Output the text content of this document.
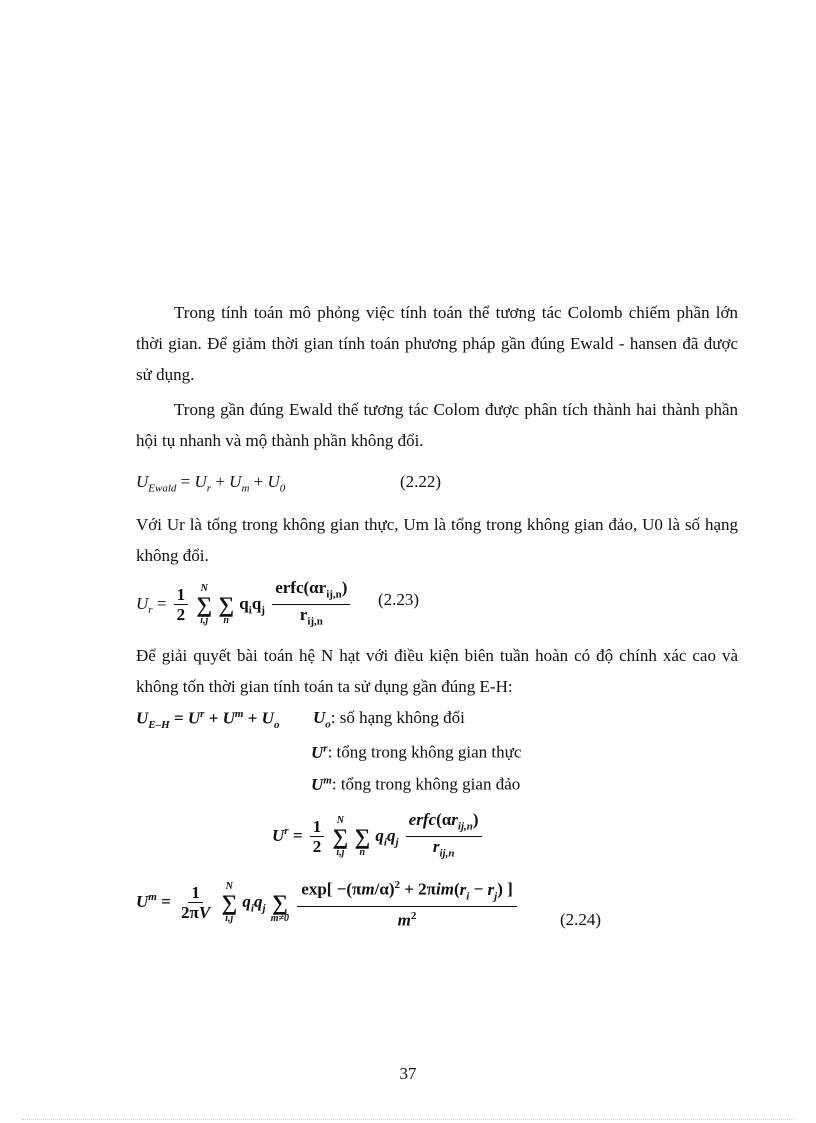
Trong tính toán mô phỏng việc tính toán thể tương tác Colomb chiếm phần lớn thời gian. Để giảm thời gian tính toán phương pháp gần đúng Ewald - hansen đã được sử dụng.

Trong gần đúng Ewald thế tương tác Colom được phân tích thành hai thành phần hội tụ nhanh và mộ thành phần không đổi.

$U_{Ewald} = U_r + U_m + U_0$	(2.22)

Với Ur là tổng trong không gian thực, Um là tổng trong không gian đảo, U0 là số hạng không đổi.

$U_r = \frac{1}{2}$
N
∑
i,j

∑
n
$q_iq_j \frac{erfc(\alpha r_{ij,n})}{r_{ij,n}} (2.23)$

Để giải quyết bài toán hệ N hạt với điều kiện biên tuần hoàn có độ chính xác cao và không tốn thời gian tính toán ta sử dụng gần đúng E-H:

$U_{E-H} = U^r + U^m + U_o$ $U_o$: số hạng không đổi
$U^r$: tổng trong không gian thực
$U^m$: tổng trong không gian đảo
$U^r = \frac{1}{2}$
N
∑
i,j

∑
n
$q_iq_j \frac{erfc(\alpha r_{ij,n})}{r_{ij,n}}$
$U^m = \frac{1}{2\pi V}$
N
∑
i,j
$q_iq_j$
∑
m≠0
$\frac{\exp[ -(\pi m/\alpha)^2 + 2\pi im(r_i - r_j) ]}{m^2}$	(2.24)
37
